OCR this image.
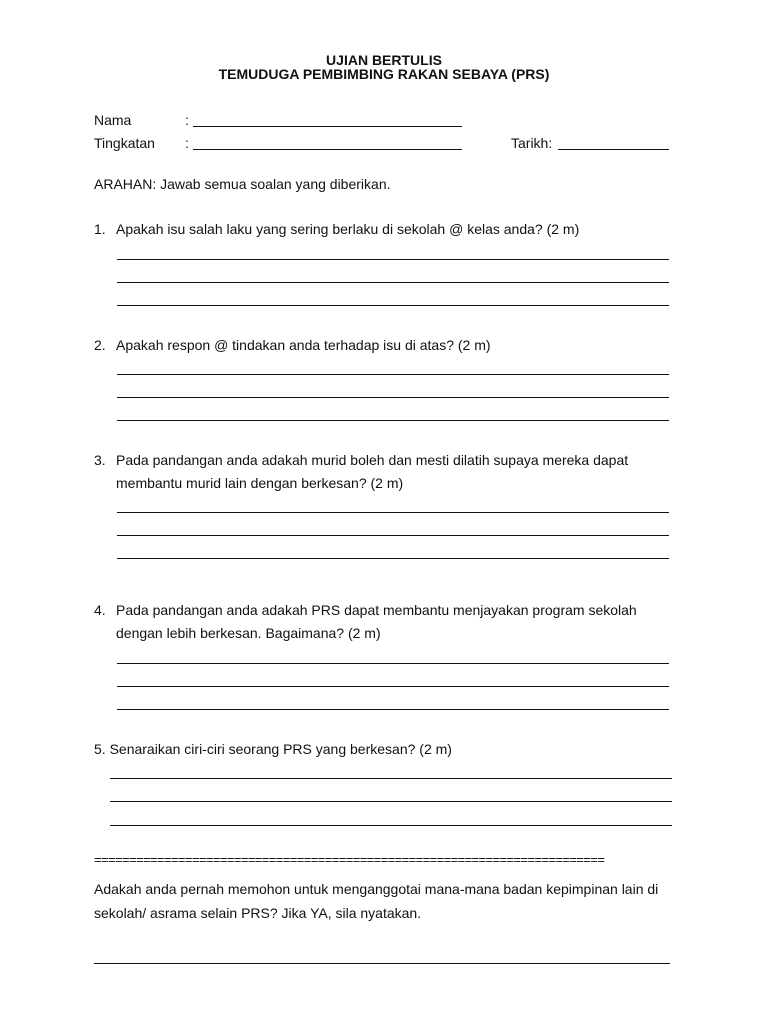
UJIAN BERTULIS
TEMUDUGA PEMBIMBING RAKAN SEBAYA (PRS)
Nama	:
Tingkatan :	Tarikh:
ARAHAN: Jawab semua soalan yang diberikan.
1. Apakah isu salah laku yang sering berlaku di sekolah @ kelas anda? (2 m)
2. Apakah respon @ tindakan anda terhadap isu di atas? (2 m)
3. Pada pandangan anda adakah murid boleh dan mesti dilatih supaya mereka dapat
membantu murid lain dengan berkesan? (2 m)
4. Pada pandangan anda adakah PRS dapat membantu menjayakan program sekolah
dengan lebih berkesan. Bagaimana? (2 m)
5. Senaraikan ciri-ciri seorang PRS yang berkesan? (2 m)
=========================================================================
Adakah anda pernah memohon untuk menganggotai mana-mana badan kepimpinan lain di
sekolah/ asrama selain PRS? Jika YA, sila nyatakan.
